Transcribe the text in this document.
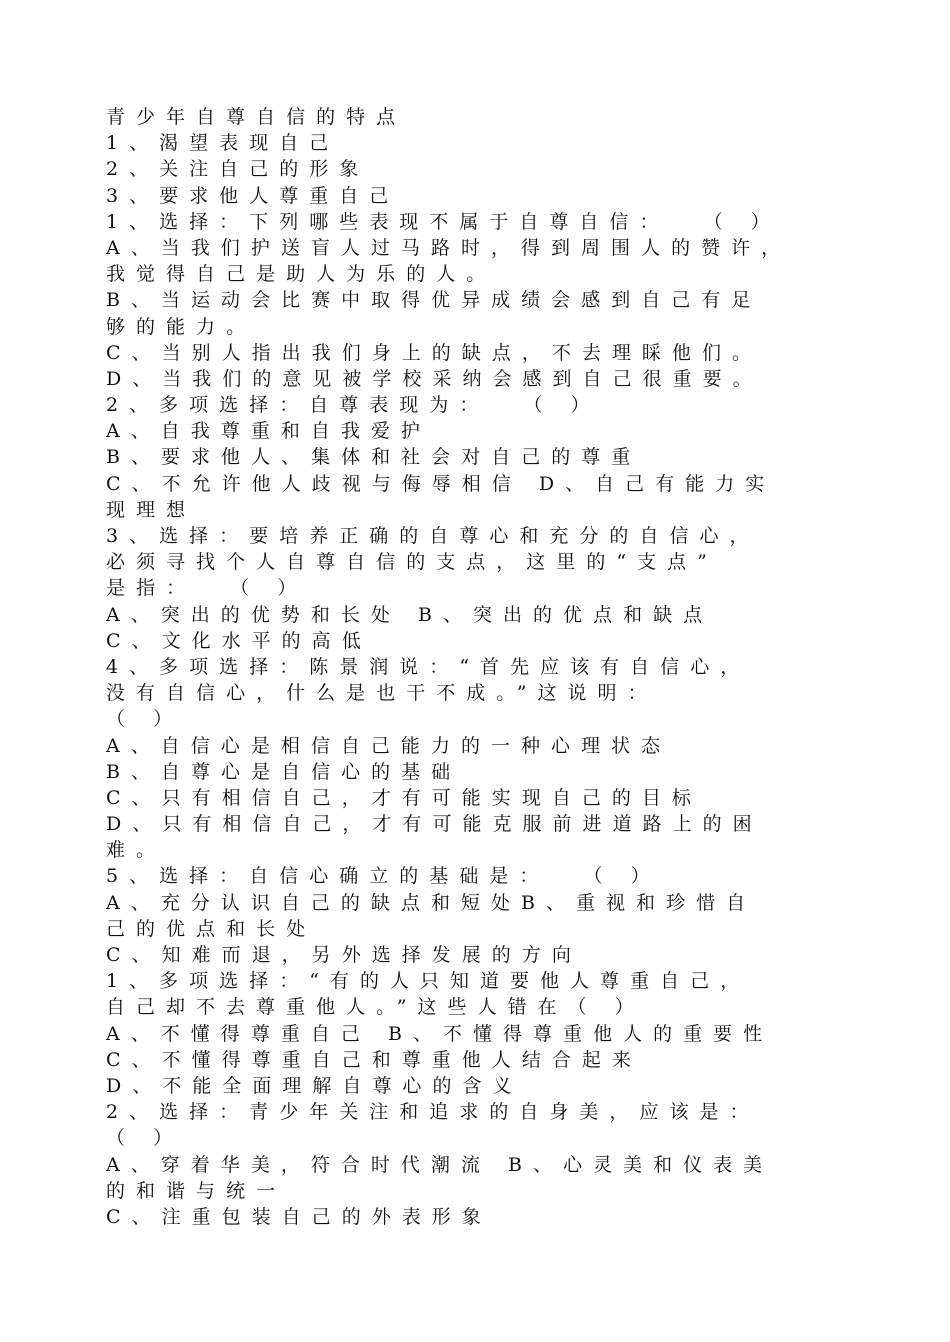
青少年自尊自信的特点
1、渴望表现自己
2、关注自己的形象
3、要求他人尊重自己
1、选择：下列哪些表现不属于自尊自信：  （ ）
A、当我们护送盲人过马路时，得到周围人的赞许，
我觉得自己是助人为乐的人。
B、当运动会比赛中取得优异成绩会感到自己有足
够的能力。
C、当别人指出我们身上的缺点，不去理睬他们。
D、当我们的意见被学校采纳会感到自己很重要。
2、多项选择：自尊表现为：  （ ）
A、自我尊重和自我爱护
B、要求他人、集体和社会对自己的尊重
C、不允许他人歧视与侮辱相信 D、自己有能力实
现理想
3、选择：要培养正确的自尊心和充分的自信心，
必须寻找个人自尊自信的支点，这里的“支点”
是指：  （ ）
A、突出的优势和长处 B、突出的优点和缺点
C、文化水平的高低
4、多项选择：陈景润说：“首先应该有自信心，
没有自信心，什么是也干不成。”这说明：
（ ）
A、自信心是相信自己能力的一种心理状态
B、自尊心是自信心的基础
C、只有相信自己，才有可能实现自己的目标
D、只有相信自己，才有可能克服前进道路上的困
难。
5、选择：自信心确立的基础是：  （ ）
A、充分认识自己的缺点和短处B、重视和珍惜自
己的优点和长处
C、知难而退，另外选择发展的方向
1、多项选择：“有的人只知道要他人尊重自己，
自己却不去尊重他人。”这些人错在（ ）
A、不懂得尊重自己 B、不懂得尊重他人的重要性
C、不懂得尊重自己和尊重他人结合起来
D、不能全面理解自尊心的含义
2、选择：青少年关注和追求的自身美，应该是：
（ ）
A、穿着华美，符合时代潮流 B、心灵美和仪表美
的和谐与统一
C、注重包装自己的外表形象
